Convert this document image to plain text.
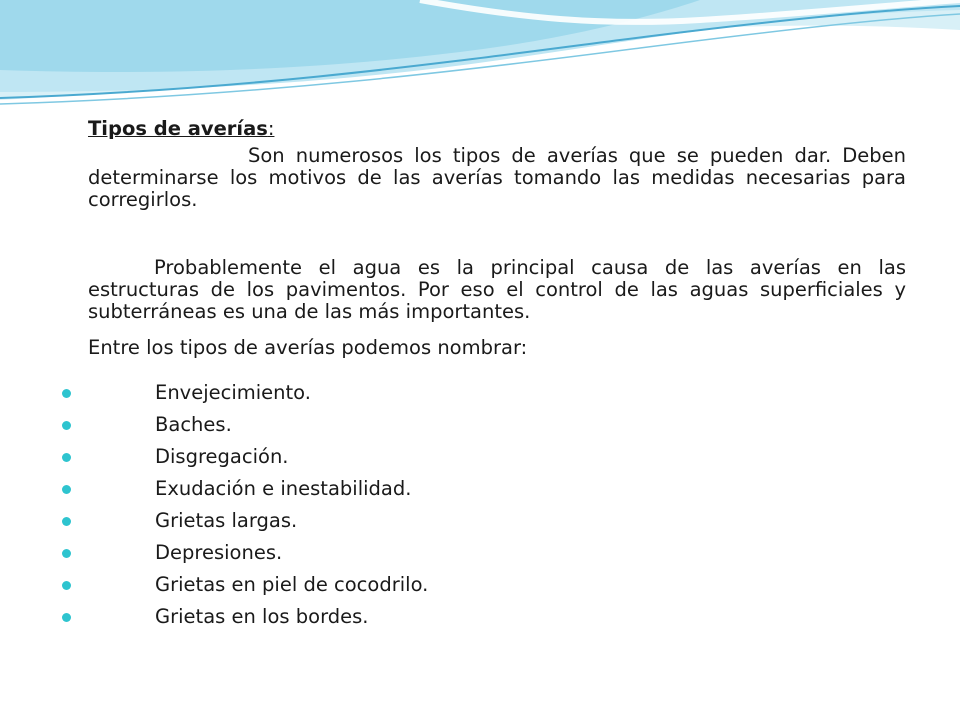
Tipos de averías:

Son numerosos los tipos de averías que se pueden dar. Deben determinarse los motivos de las averías tomando las medidas necesarias para corregirlos.

Probablemente el agua es la principal causa de las averías en las estructuras de los pavimentos. Por eso el control de las aguas superficiales y subterráneas es una de las más importantes.

Entre los tipos de averías podemos nombrar:

Envejecimiento.
Baches.
Disgregación.
Exudación e inestabilidad.
Grietas largas.
Depresiones.
Grietas en piel de cocodrilo.
Grietas en los bordes.
